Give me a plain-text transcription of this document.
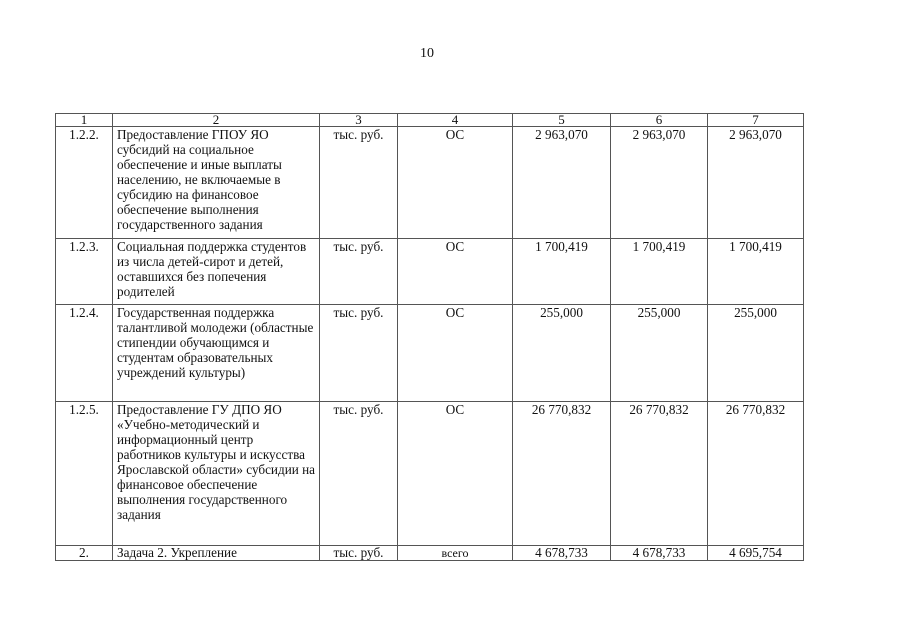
10
1	2	3	4	5	6	7
1.2.2.	Предоставление ГПОУ ЯО субсидий на социальное обеспечение и иные выплаты населению, не включаемые в субсидию на финансовое обеспечение выполнения государственного задания	тыс. руб.	ОС	2 963,070	2 963,070	2 963,070
1.2.3.	Социальная поддержка студентов из числа детей-сирот и детей, оставшихся без попечения родителей	тыс. руб.	ОС	1 700,419	1 700,419	1 700,419
1.2.4.	Государственная поддержка талантливой молодежи (областные стипендии обучающимся и студентам образовательных учреждений культуры)	тыс. руб.	ОС	255,000	255,000	255,000
1.2.5.	Предоставление ГУ ДПО ЯО «Учебно-методический и информационный центр работников культуры и искусства Ярославской области» субсидии на финансовое обеспечение выполнения государственного задания	тыс. руб.	ОС	26 770,832	26 770,832	26 770,832
2.	Задача 2. Укрепление	тыс. руб.	всего	4 678,733	4 678,733	4 695,754
